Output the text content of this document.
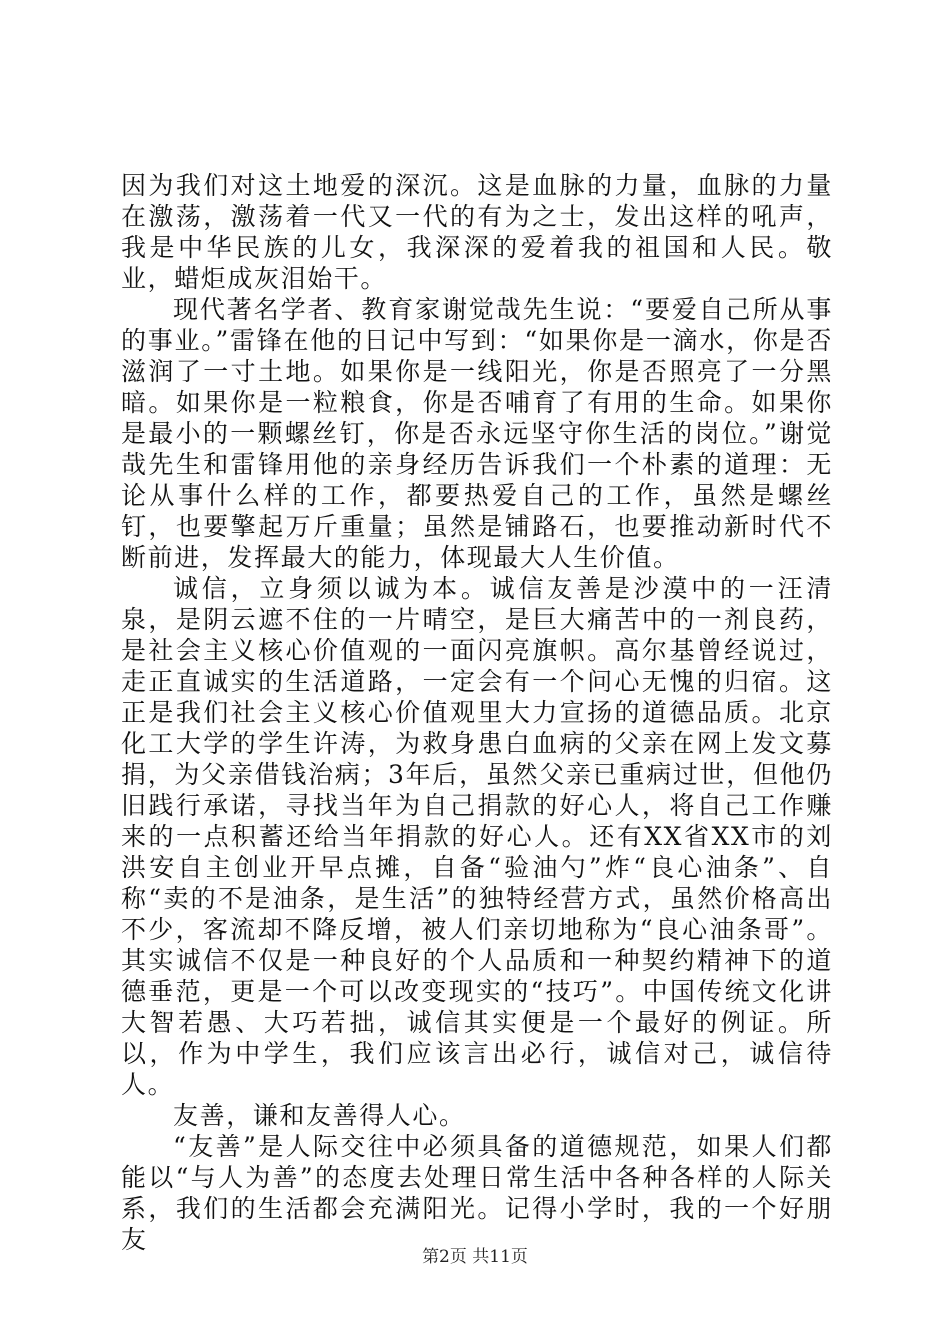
因为我们对这土地爱的深沉。这是血脉的力量，血脉的力量在激荡，激荡着一代又一代的有为之士，发出这样的吼声，我是中华民族的儿女，我深深的爱着我的祖国和人民。敬业，蜡炬成灰泪始干。

现代著名学者、教育家谢觉哉先生说：“要爱自己所从事的事业。”雷锋在他的日记中写到：“如果你是一滴水，你是否滋润了一寸土地。如果你是一线阳光，你是否照亮了一分黑暗。如果你是一粒粮食，你是否哺育了有用的生命。如果你是最小的一颗螺丝钉，你是否永远坚守你生活的岗位。”谢觉哉先生和雷锋用他的亲身经历告诉我们一个朴素的道理：无论从事什么样的工作，都要热爱自己的工作，虽然是螺丝钉，也要擎起万斤重量；虽然是铺路石，也要推动新时代不断前进，发挥最大的能力，体现最大人生价值。

诚信，立身须以诚为本。诚信友善是沙漠中的一汪清泉，是阴云遮不住的一片晴空，是巨大痛苦中的一剂良药，是社会主义核心价值观的一面闪亮旗帜。高尔基曾经说过，走正直诚实的生活道路，一定会有一个问心无愧的归宿。这正是我们社会主义核心价值观里大力宣扬的道德品质。北京化工大学的学生许涛，为救身患白血病的父亲在网上发文募捐，为父亲借钱治病；3年后，虽然父亲已重病过世，但他仍旧践行承诺，寻找当年为自己捐款的好心人，将自己工作赚来的一点积蓄还给当年捐款的好心人。还有XX省XX市的刘洪安自主创业开早点摊，自备“验油勺”炸“良心油条”、自称“卖的不是油条，是生活”的独特经营方式，虽然价格高出不少，客流却不降反增，被人们亲切地称为“良心油条哥”。其实诚信不仅是一种良好的个人品质和一种契约精神下的道德垂范，更是一个可以改变现实的“技巧”。中国传统文化讲大智若愚、大巧若拙，诚信其实便是一个最好的例证。所以，作为中学生，我们应该言出必行，诚信对己，诚信待人。

友善，谦和友善得人心。

“友善”是人际交往中必须具备的道德规范，如果人们都能以“与人为善”的态度去处理日常生活中各种各样的人际关系，我们的生活都会充满阳光。记得小学时，我的一个好朋友

第2页 共11页
